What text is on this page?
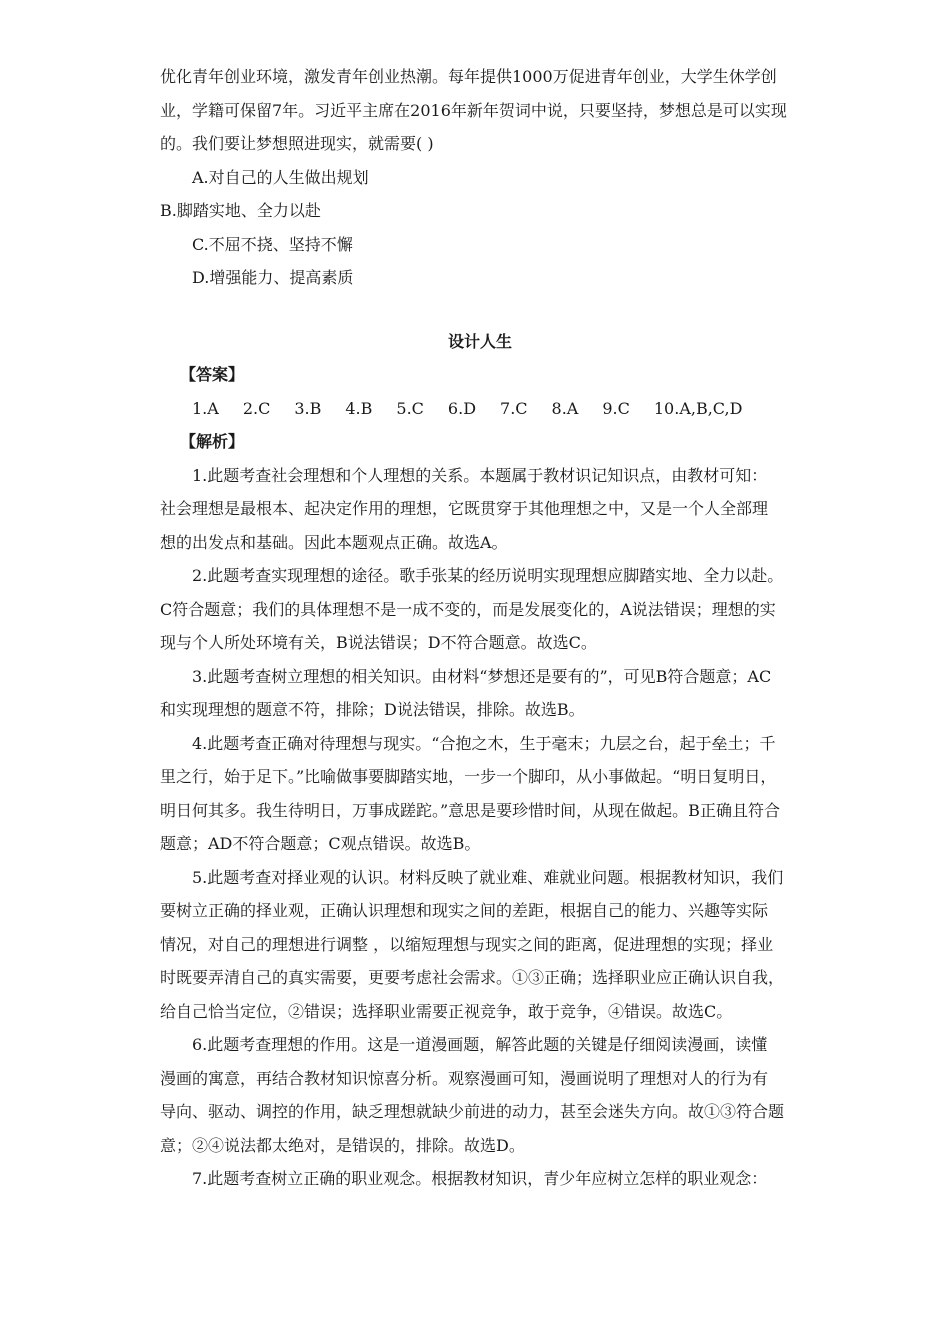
优化青年创业环境，激发青年创业热潮。每年提供1000万促进青年创业，大学生休学创

业，学籍可保留7年。习近平主席在2016年新年贺词中说，只要坚持，梦想总是可以实现

的。我们要让梦想照进现实，就需要( )

A.对自己的人生做出规划

B.脚踏实地、全力以赴

C.不屈不挠、坚持不懈

D.增强能力、提高素质

设计人生

【答案】

1.A 2.C 3.B 4.B 5.C 6.D 7.C 8.A 9.C 10.A,B,C,D

【解析】

1.此题考查社会理想和个人理想的关系。本题属于教材识记知识点，由教材可知：

社会理想是最根本、起决定作用的理想，它既贯穿于其他理想之中，又是一个人全部理

想的出发点和基础。因此本题观点正确。故选A。

2.此题考查实现理想的途径。歌手张某的经历说明实现理想应脚踏实地、全力以赴。

C符合题意；我们的具体理想不是一成不变的，而是发展变化的，A说法错误；理想的实

现与个人所处环境有关，B说法错误；D不符合题意。故选C。

3.此题考查树立理想的相关知识。由材料“梦想还是要有的”，可见B符合题意；AC

和实现理想的题意不符，排除；D说法错误，排除。故选B。

4.此题考查正确对待理想与现实。“合抱之木，生于毫末；九层之台，起于垒土；千

里之行，始于足下。”比喻做事要脚踏实地，一步一个脚印，从小事做起。“明日复明日，

明日何其多。我生待明日，万事成蹉跎。”意思是要珍惜时间，从现在做起。B正确且符合

题意；AD不符合题意；C观点错误。故选B。

5.此题考查对择业观的认识。材料反映了就业难、难就业问题。根据教材知识，我们

要树立正确的择业观，正确认识理想和现实之间的差距，根据自己的能力、兴趣等实际

情况，对自己的理想进行调整 ，以缩短理想与现实之间的距离，促进理想的实现；择业

时既要弄清自己的真实需要，更要考虑社会需求。①③正确；选择职业应正确认识自我，

给自己恰当定位，②错误；选择职业需要正视竞争，敢于竞争，④错误。故选C。

6.此题考查理想的作用。这是一道漫画题，解答此题的关键是仔细阅读漫画，读懂

漫画的寓意，再结合教材知识惊喜分析。观察漫画可知，漫画说明了理想对人的行为有

导向、驱动、调控的作用，缺乏理想就缺少前进的动力，甚至会迷失方向。故①③符合题

意；②④说法都太绝对，是错误的，排除。故选D。

7.此题考查树立正确的职业观念。根据教材知识，青少年应树立怎样的职业观念：
